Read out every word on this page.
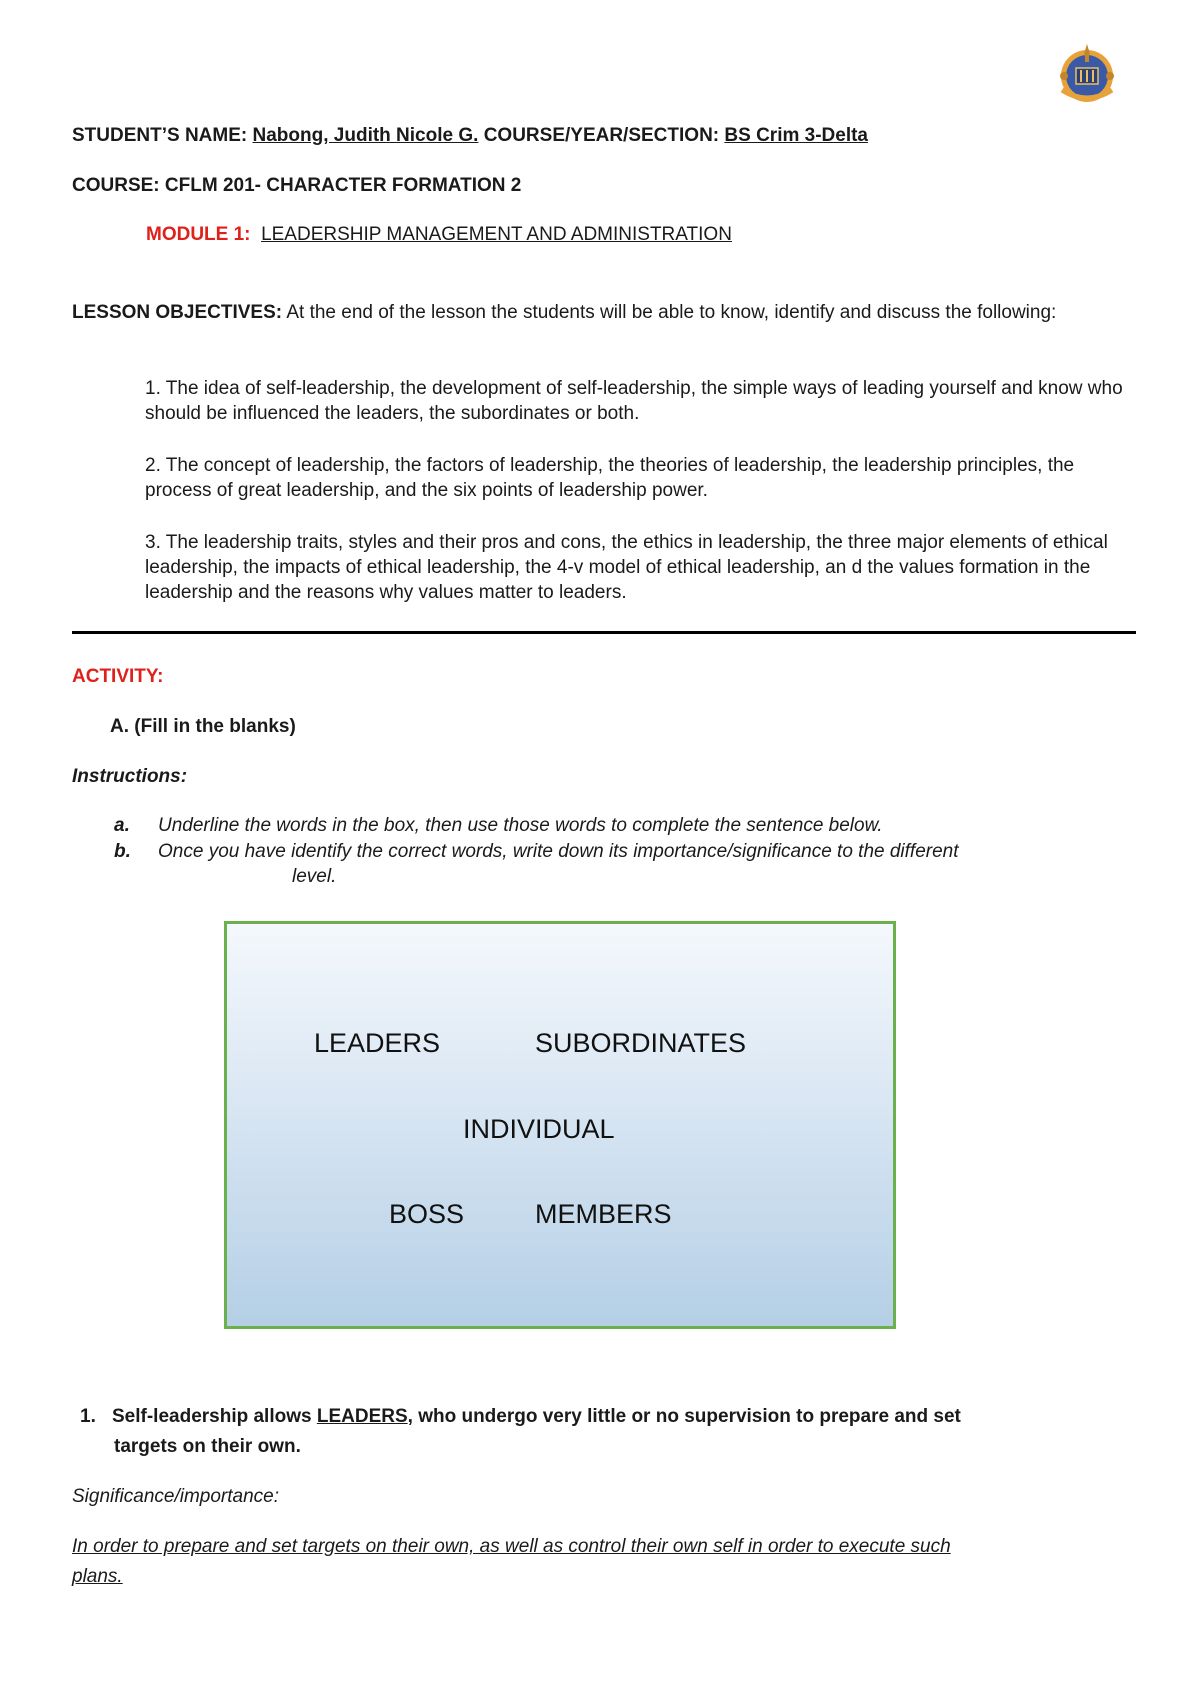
STUDENT’S NAME: Nabong, Judith Nicole G. COURSE/YEAR/SECTION: BS Crim 3-Delta
COURSE: CFLM 201- CHARACTER FORMATION 2
MODULE 1: LEADERSHIP MANAGEMENT AND ADMINISTRATION
LESSON OBJECTIVES: At the end of the lesson the students will be able to know, identify and discuss the following:
1. The idea of self-leadership, the development of self-leadership, the simple ways of leading yourself and know who should be influenced the leaders, the subordinates or both.
2. The concept of leadership, the factors of leadership, the theories of leadership, the leadership principles, the process of great leadership, and the six points of leadership power.
3. The leadership traits, styles and their pros and cons, the ethics in leadership, the three major elements of ethical leadership, the impacts of ethical leadership, the 4-v model of ethical leadership, an d the values formation in the leadership and the reasons why values matter to leaders.
ACTIVITY:
A. (Fill in the blanks)
Instructions:
a.	Underline the words in the box, then use those words to complete the sentence below.
b.	Once you have identify the correct words, write down its importance/significance to the different
level.
LEADERS	SUBORDINATES
INDIVIDUAL
BOSS	MEMBERS
1. Self-leadership allows LEADERS, who undergo very little or no supervision to prepare and set
targets on their own.
Significance/importance:
In order to prepare and set targets on their own, as well as control their own self in order to execute such
plans.
